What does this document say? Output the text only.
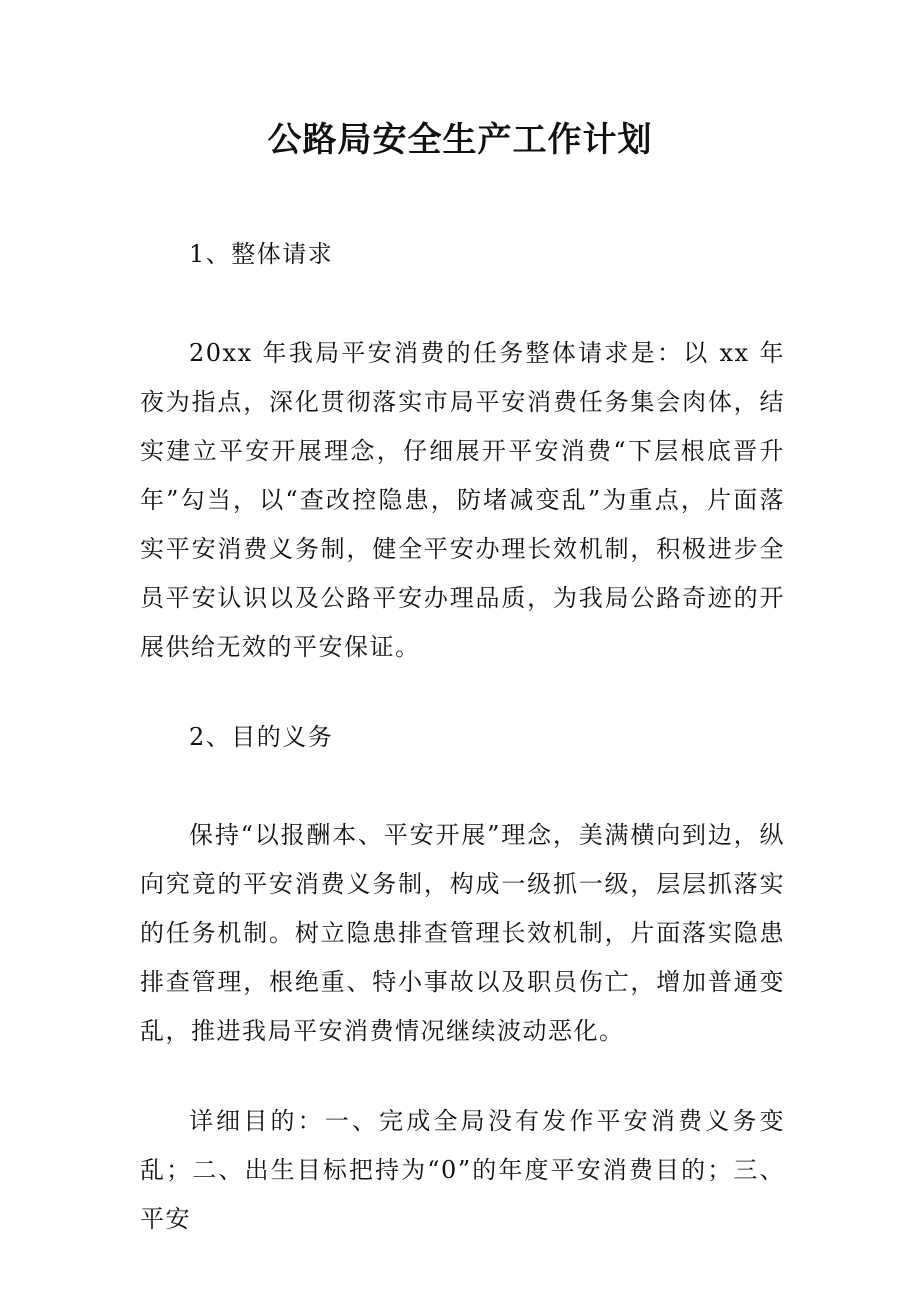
公路局安全生产工作计划
1、整体请求
20xx 年我局平安消费的任务整体请求是：以 xx 年夜为指点，深化贯彻落实市局平安消费任务集会肉体，结实建立平安开展理念，仔细展开平安消费“下层根底晋升年”勾当，以“查改控隐患，防堵减变乱”为重点，片面落实平安消费义务制，健全平安办理长效机制，积极进步全员平安认识以及公路平安办理品质，为我局公路奇迹的开展供给无效的平安保证。
2、目的义务
保持“以报酬本、平安开展”理念，美满横向到边，纵向究竟的平安消费义务制，构成一级抓一级，层层抓落实的任务机制。树立隐患排查管理长效机制，片面落实隐患排查管理，根绝重、特小事故以及职员伤亡，增加普通变乱，推进我局平安消费情况继续波动恶化。
详细目的：一、完成全局没有发作平安消费义务变乱；二、出生目标把持为“0”的年度平安消费目的；三、平安
